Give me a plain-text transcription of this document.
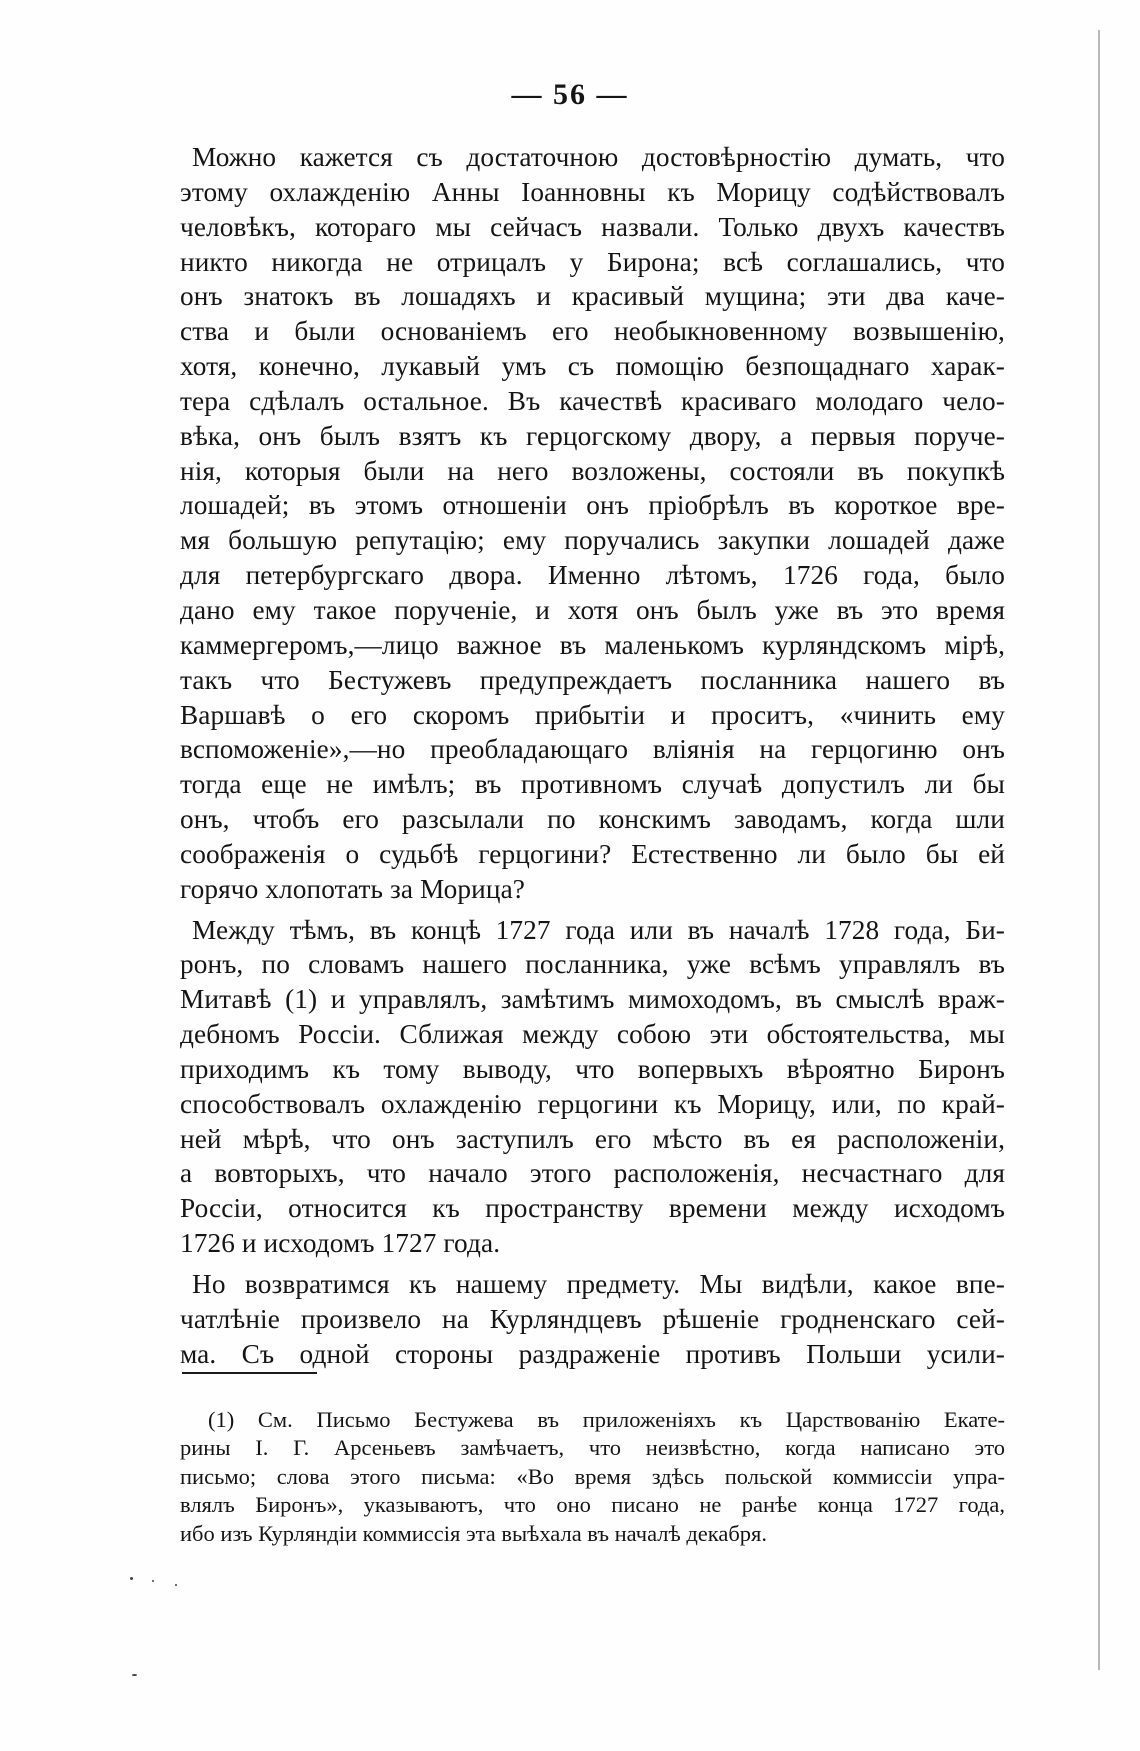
— 56 —

Можно кажется съ достаточною достовѣрностію думать, что
этому охлажденію Анны Іоанновны къ Морицу содѣйствовалъ
человѣкъ, котораго мы сейчасъ назвали. Только двухъ качествъ
никто никогда не отрицалъ у Бирона; всѣ соглашались, что
онъ знатокъ въ лошадяхъ и красивый мущина; эти два каче-
ства и были основаніемъ его необыкновенному возвышенію,
хотя, конечно, лукавый умъ съ помощію безпощаднаго харак-
тера сдѣлалъ остальное. Въ качествѣ красиваго молодаго чело-
вѣка, онъ былъ взятъ къ герцогскому двору, а первыя поруче-
нія, которыя были на него возложены, состояли въ покупкѣ
лошадей; въ этомъ отношеніи онъ пріобрѣлъ въ короткое вре-
мя большую репутацію; ему поручались закупки лошадей даже
для петербургскаго двора. Именно лѣтомъ, 1726 года, было
дано ему такое порученіе, и хотя онъ былъ уже въ это время
каммергеромъ,—лицо важное въ маленькомъ курляндскомъ мірѣ,
такъ что Бестужевъ предупреждаетъ посланника нашего въ
Варшавѣ о его скоромъ прибытіи и проситъ, «чинить ему
вспоможеніе»,—но преобладающаго вліянія на герцогиню онъ
тогда еще не имѣлъ; въ противномъ случаѣ допустилъ ли бы
онъ, чтобъ его разсылали по конскимъ заводамъ, когда шли
соображенія о судьбѣ герцогини? Естественно ли было бы ей
горячо хлопотать за Морица?

Между тѣмъ, въ концѣ 1727 года или въ началѣ 1728 года, Би-
ронъ, по словамъ нашего посланника, уже всѣмъ управлялъ въ
Митавѣ (1) и управлялъ, замѣтимъ мимоходомъ, въ смыслѣ враж-
дебномъ Россіи. Сближая между собою эти обстоятельства, мы
приходимъ къ тому выводу, что вопервыхъ вѣроятно Биронъ
способствовалъ охлажденію герцогини къ Морицу, или, по край-
ней мѣрѣ, что онъ заступилъ его мѣсто въ ея расположеніи,
а вовторыхъ, что начало этого расположенія, несчастнаго для
Россіи, относится къ пространству времени между исходомъ
1726 и исходомъ 1727 года.

Но возвратимся къ нашему предмету. Мы видѣли, какое впе-
чатлѣніе произвело на Курляндцевъ рѣшеніе гродненскаго сей-
ма. Съ одной стороны раздраженіе противъ Польши усили-

(1) См. Письмо Бестужева въ приложеніяхъ къ Царствованію Екате-
рины I. Г. Арсеньевъ замѣчаетъ, что неизвѣстно, когда написано это
письмо; слова этого письма: «Во время здѣсь польской коммиссіи упра-
влялъ Биронъ», указываютъ, что оно писано не ранѣе конца 1727 года,
ибо изъ Курляндіи коммиссія эта выѣхала въ началѣ декабря.
